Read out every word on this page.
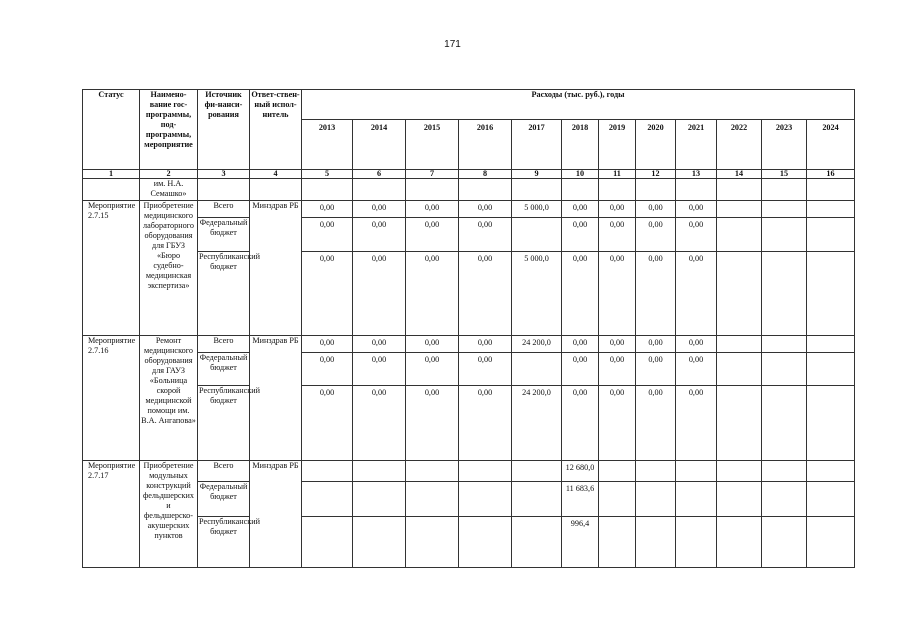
171
Статус	Наимено-вание гос-программы, под-программы, мероприятие	Источник фи-нанси-рования	Ответ-ствен-ный испол-нитель	Расходы (тыс. руб.), годы											
				2013	2014	2015	2016	2017	2018	2019	2020	2021	2022	2023	2024
1	2	3	4	5	6	7	8	9	10	11	12	13	14	15	16
	им. Н.А. Семашко»														
Мероприятие 2.7.15	Приобретение медицинского лабораторного оборудования для ГБУЗ «Бюро судебно-медицинская экспертиза»	Всего	Минздрав РБ	0,00	0,00	0,00	0,00	5 000,0	0,00	0,00	0,00	0,00			
		Федеральный бюджет		0,00	0,00	0,00	0,00		0,00	0,00	0,00	0,00			
		Республиканский бюджет		0,00	0,00	0,00	0,00	5 000,0	0,00	0,00	0,00	0,00			
Мероприятие 2.7.16	Ремонт медицинского оборудования для ГАУЗ «Больница скорой медицинской помощи им. В.А. Ангапова»	Всего	Минздрав РБ	0,00	0,00	0,00	0,00	24 200,0	0,00	0,00	0,00	0,00			
		Федеральный бюджет		0,00	0,00	0,00	0,00		0,00	0,00	0,00	0,00			
		Республиканский бюджет		0,00	0,00	0,00	0,00	24 200,0	0,00	0,00	0,00	0,00			
Мероприятие 2.7.17	Приобретение модульных конструкций фельдшерских и фельдшерско-акушерских пунктов	Всего	Минздрав РБ						12 680,0						
		Федеральный бюджет							11 683,6						
		Республиканский бюджет							996,4						
